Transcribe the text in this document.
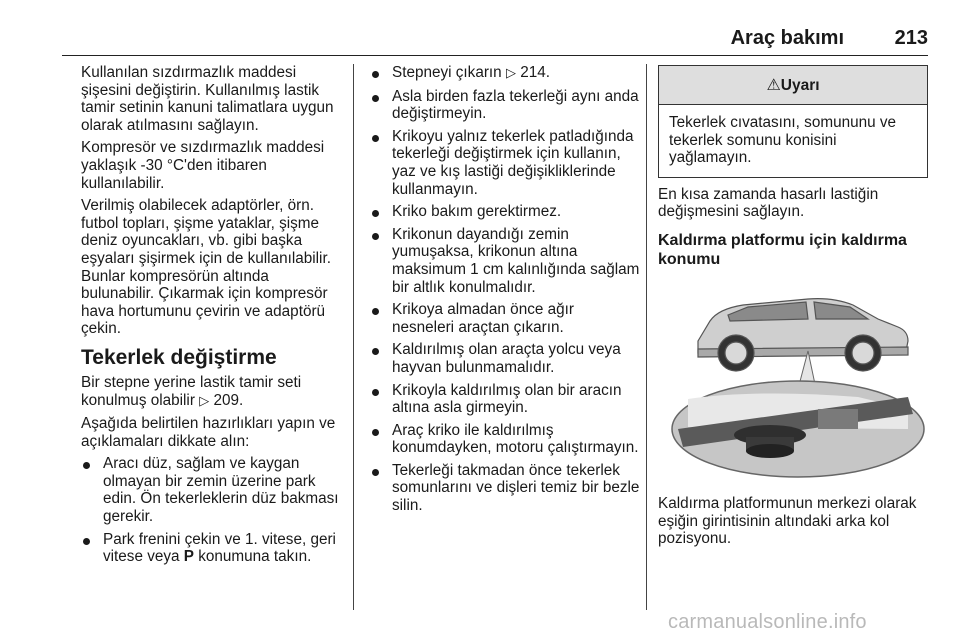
Araç bakımı	213

Kullanılan sızdırmazlık maddesi şişesini değiştirin. Kullanılmış lastik tamir setinin kanuni talimatlara uygun olarak atılmasını sağlayın.

Kompresör ve sızdırmazlık maddesi yaklaşık -30 °C'den itibaren kullanılabilir.

Verilmiş olabilecek adaptörler, örn. futbol topları, şişme yataklar, şişme deniz oyuncakları, vb. gibi başka eşyaları şişirmek için de kullanılabilir. Bunlar kompresörün altında bulunabilir. Çıkarmak için kompresör hava hortumunu çevirin ve adaptörü çekin.

Tekerlek değiştirme

Bir stepne yerine lastik tamir seti konulmuş olabilir ▷ 209.

Aşağıda belirtilen hazırlıkları yapın ve açıklamaları dikkate alın:

Aracı düz, sağlam ve kaygan olmayan bir zemin üzerine park edin. Ön tekerleklerin düz bakması gerekir.
Park frenini çekin ve 1. vitese, geri vitese veya P konumuna takın.
Stepneyi çıkarın ▷ 214.
Asla birden fazla tekerleği aynı anda değiştirmeyin.
Krikoyu yalnız tekerlek patladığında tekerleği değiştirmek için kullanın, yaz ve kış lastiği değişikliklerinde kullanmayın.
Kriko bakım gerektirmez.
Krikonun dayandığı zemin yumuşaksa, krikonun altına maksimum 1 cm kalınlığında sağlam bir altlık konulmalıdır.
Krikoya almadan önce ağır nesneleri araçtan çıkarın.
Kaldırılmış olan araçta yolcu veya hayvan bulunmamalıdır.
Krikoyla kaldırılmış olan bir aracın altına asla girmeyin.
Araç kriko ile kaldırılmış konumdayken, motoru çalıştırmayın.
Tekerleği takmadan önce tekerlek somunlarını ve dişleri temiz bir bezle silin.
⚠Uyarı
Tekerlek cıvatasını, somununu ve tekerlek somunu konisini yağlamayın.

En kısa zamanda hasarlı lastiğin değişmesini sağlayın.

Kaldırma platformu için kaldırma konumu

Kaldırma platformunun merkezi olarak eşiğin girintisinin altındaki arka kol pozisyonu.

carmanualsonline.info
